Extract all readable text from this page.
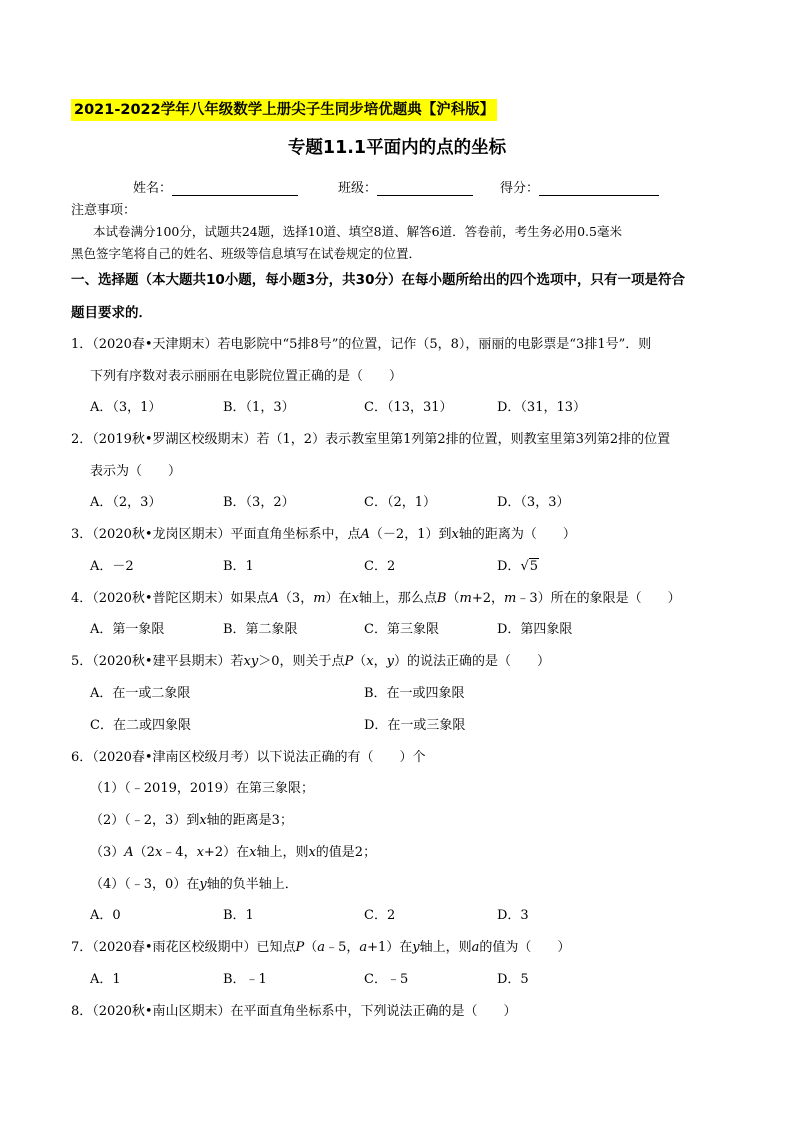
2021-2022学年八年级数学上册尖子生同步培优题典【沪科版】
专题11.1平面内的点的坐标
姓名：	班级：	得分：
注意事项：
本试卷满分100分，试题共24题，选择10道、填空8道、解答6道．答卷前，考生务必用0.5毫米
黑色签字笔将自己的姓名、班级等信息填写在试卷规定的位置．
一、选择题（本大题共10小题，每小题3分，共30分）在每小题所给出的四个选项中，只有一项是符合
题目要求的．
1．（2020春•天津期末）若电影院中“5排8号”的位置，记作（5，8），丽丽的电影票是“3排1号”．则
下列有序数对表示丽丽在电影院位置正确的是（　　）
A．（3，1）	B．（1，3）	C．（13，31）	D．（31，13）
2．（2019秋•罗湖区校级期末）若（1，2）表示教室里第1列第2排的位置，则教室里第3列第2排的位置
表示为（　　）
A．（2，3）	B．（3，2）	C．（2，1）	D．（3，3）
3．（2020秋•龙岗区期末）平面直角坐标系中，点A（－2，1）到x轴的距离为（　　）
A．－2	B．1	C．2	D．√5
4．（2020秋•普陀区期末）如果点A（3，m）在x轴上，那么点B（m+2，m﹣3）所在的象限是（　　）
A．第一象限	B．第二象限	C．第三象限	D．第四象限
5．（2020秋•建平县期末）若xy＞0，则关于点P（x，y）的说法正确的是（　　）
A．在一或二象限	B．在一或四象限
C．在二或四象限	D．在一或三象限
6．（2020春•津南区校级月考）以下说法正确的有（　　）个
（1）（﹣2019，2019）在第三象限；
（2）（﹣2，3）到x轴的距离是3；
（3）A（2x﹣4，x+2）在x轴上，则x的值是2；
（4）（﹣3，0）在y轴的负半轴上．
A．0	B．1	C．2	D．3
7．（2020春•雨花区校级期中）已知点P（a﹣5，a+1）在y轴上，则a的值为（　　）
A．1	B．﹣1	C．﹣5	D．5
8．（2020秋•南山区期末）在平面直角坐标系中，下列说法正确的是（　　）
